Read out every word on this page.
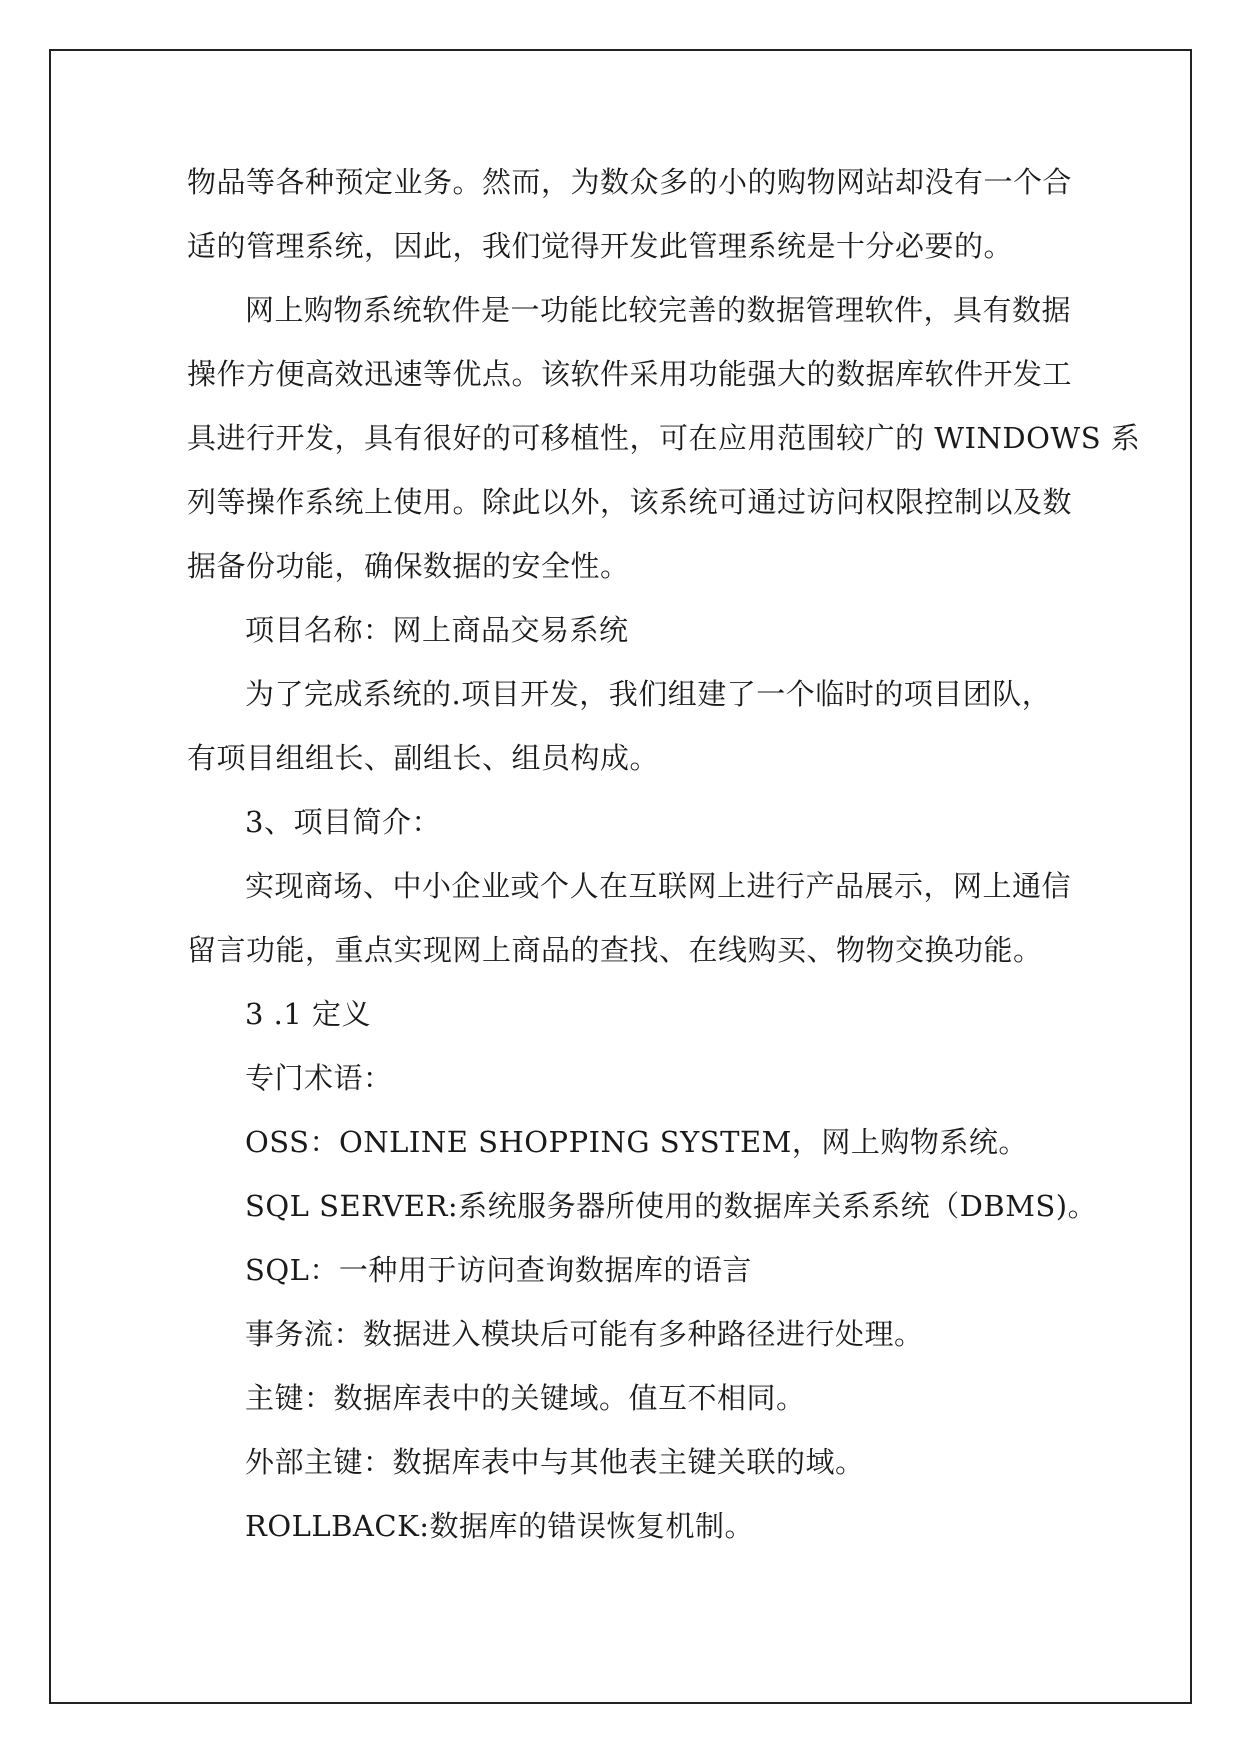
物品等各种预定业务。然而，为数众多的小的购物网站却没有一个合
适的管理系统，因此，我们觉得开发此管理系统是十分必要的。
网上购物系统软件是一功能比较完善的数据管理软件，具有数据
操作方便高效迅速等优点。该软件采用功能强大的数据库软件开发工
具进行开发，具有很好的可移植性，可在应用范围较广的 WINDOWS 系
列等操作系统上使用。除此以外，该系统可通过访问权限控制以及数
据备份功能，确保数据的安全性。
项目名称：网上商品交易系统
为了完成系统的.项目开发，我们组建了一个临时的项目团队，
有项目组组长、副组长、组员构成。
3、项目简介：
实现商场、中小企业或个人在互联网上进行产品展示，网上通信
留言功能，重点实现网上商品的查找、在线购买、物物交换功能。
3 .1 定义
专门术语：
OSS：ONLINE SHOPPING SYSTEM，网上购物系统。
SQL SERVER:系统服务器所使用的数据库关系系统（DBMS)。
SQL：一种用于访问查询数据库的语言
事务流：数据进入模块后可能有多种路径进行处理。
主键：数据库表中的关键域。值互不相同。
外部主键：数据库表中与其他表主键关联的域。
ROLLBACK:数据库的错误恢复机制。
